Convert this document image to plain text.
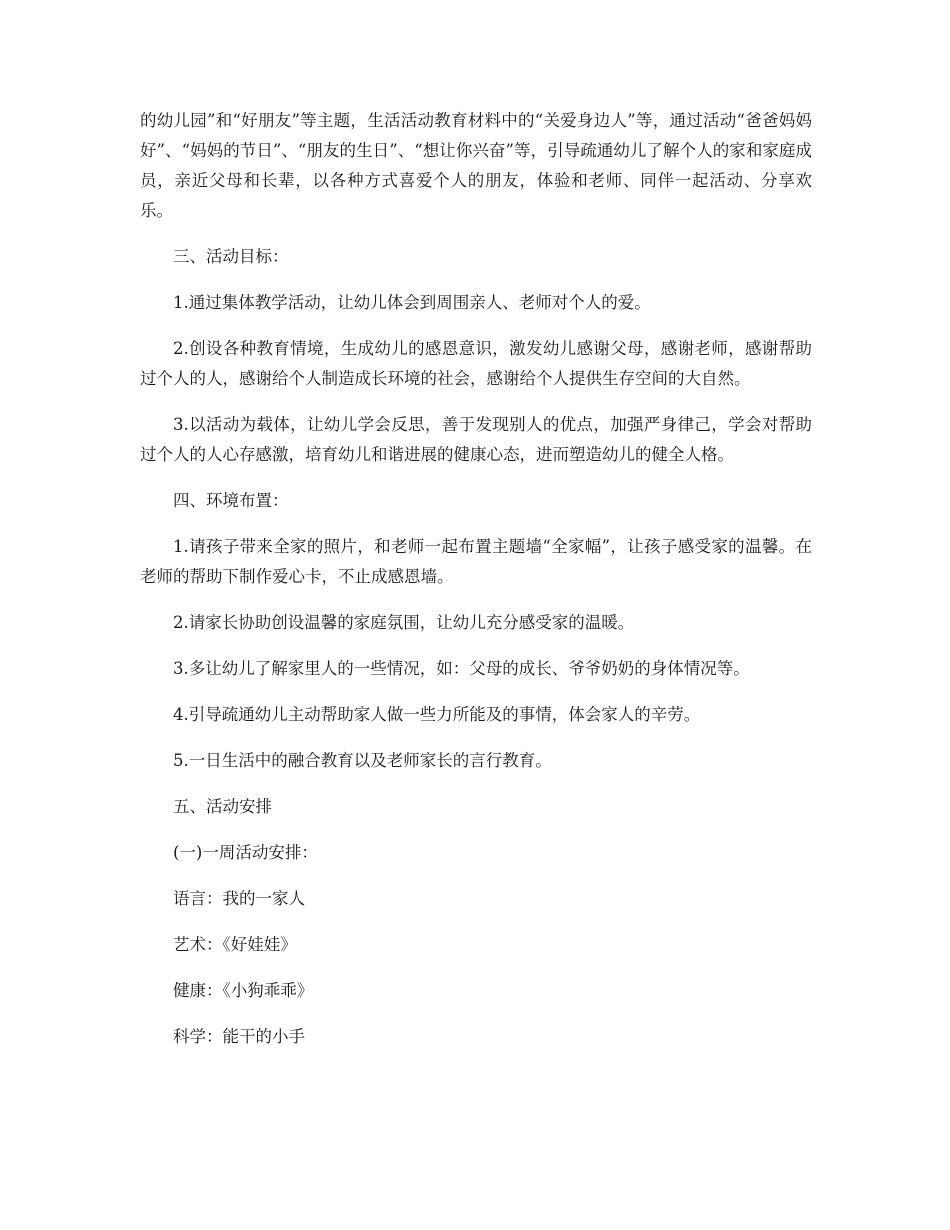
的幼儿园”和“好朋友”等主题，生活活动教育材料中的“关爱身边人”等，通过活动“爸爸妈妈好”、“妈妈的节日”、“朋友的生日”、“想让你兴奋”等，引导疏通幼儿了解个人的家和家庭成员，亲近父母和长辈，以各种方式喜爱个人的朋友，体验和老师、同伴一起活动、分享欢乐。

三、活动目标：

1.通过集体教学活动，让幼儿体会到周围亲人、老师对个人的爱。

2.创设各种教育情境，生成幼儿的感恩意识，激发幼儿感谢父母，感谢老师，感谢帮助过个人的人，感谢给个人制造成长环境的社会，感谢给个人提供生存空间的大自然。

3.以活动为载体，让幼儿学会反思，善于发现别人的优点，加强严身律己，学会对帮助过个人的人心存感激，培育幼儿和谐进展的健康心态，进而塑造幼儿的健全人格。

四、环境布置：

1.请孩子带来全家的照片，和老师一起布置主题墙“全家幅”，让孩子感受家的温馨。在老师的帮助下制作爱心卡，不止成感恩墙。

2.请家长协助创设温馨的家庭氛围，让幼儿充分感受家的温暖。

3.多让幼儿了解家里人的一些情况，如：父母的成长、爷爷奶奶的身体情况等。

4.引导疏通幼儿主动帮助家人做一些力所能及的事情，体会家人的辛劳。

5.一日生活中的融合教育以及老师家长的言行教育。

五、活动安排

(一)一周活动安排：

语言：我的一家人

艺术：《好娃娃》

健康：《小狗乖乖》

科学：能干的小手
